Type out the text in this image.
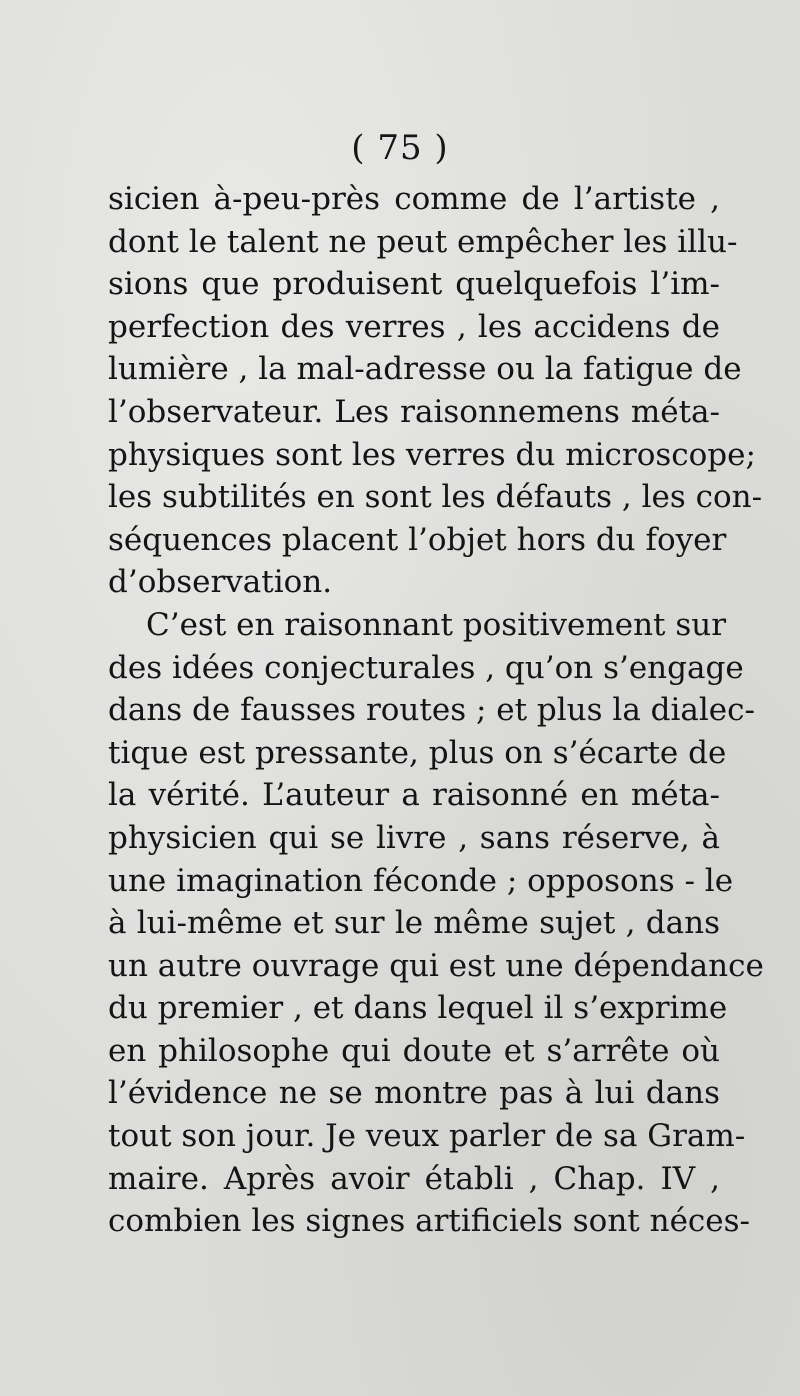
( 75 )
sicien à-peu-près comme de l’artiste ,
dont le talent ne peut empêcher les illu-
sions que produisent quelquefois l’im-
perfection des verres , les accidens de
lumière , la mal-adresse ou la fatigue de
l’observateur. Les raisonnemens méta-
physiques sont les verres du microscope;
les subtilités en sont les défauts , les con-
séquences placent l’objet hors du foyer
d’observation.
C’est en raisonnant positivement sur
des idées conjecturales , qu’on s’engage
dans de fausses routes ; et plus la dialec-
tique est pressante, plus on s’écarte de
la vérité. L’auteur a raisonné en méta-
physicien qui se livre , sans réserve, à
une imagination féconde ; opposons - le
à lui-même et sur le même sujet , dans
un autre ouvrage qui est une dépendance
du premier , et dans lequel il s’exprime
en philosophe qui doute et s’arrête où
l’évidence ne se montre pas à lui dans
tout son jour. Je veux parler de sa Gram-
maire. Après avoir établi , Chap. IV ,
combien les signes artificiels sont néces-
